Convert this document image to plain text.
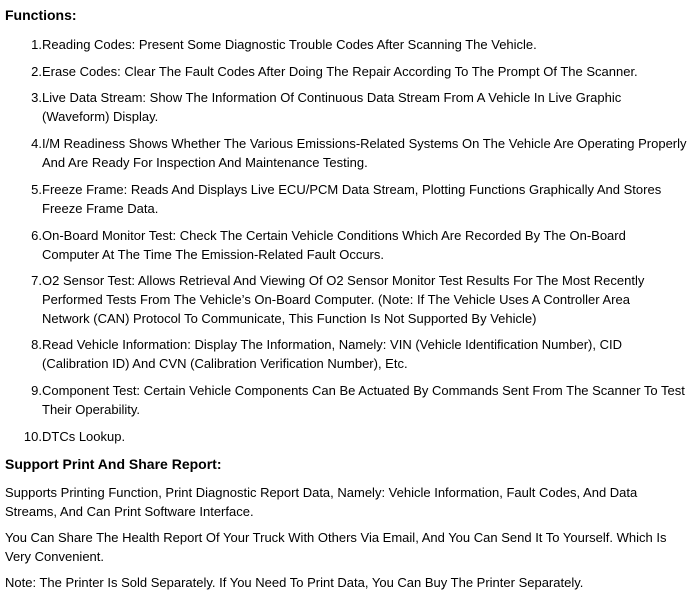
Functions:
1. Reading Codes: Present Some Diagnostic Trouble Codes After Scanning The Vehicle.
2. Erase Codes: Clear The Fault Codes After Doing The Repair According To The Prompt Of The Scanner.
3. Live Data Stream: Show The Information Of Continuous Data Stream From A Vehicle In Live Graphic
(Waveform) Display.
4. I/M Readiness Shows Whether The Various Emissions-Related Systems On The Vehicle Are Operating Properly
And Are Ready For Inspection And Maintenance Testing.
5. Freeze Frame: Reads And Displays Live ECU/PCM Data Stream, Plotting Functions Graphically And Stores
Freeze Frame Data.
6. On-Board Monitor Test: Check The Certain Vehicle Conditions Which Are Recorded By The On-Board
Computer At The Time The Emission-Related Fault Occurs.
7. O2 Sensor Test: Allows Retrieval And Viewing Of O2 Sensor Monitor Test Results For The Most Recently
Performed Tests From The Vehicle’s On-Board Computer. (Note: If The Vehicle Uses A Controller Area
Network (CAN) Protocol To Communicate, This Function Is Not Supported By Vehicle)
8. Read Vehicle Information: Display The Information, Namely: VIN (Vehicle Identification Number), CID
(Calibration ID) And CVN (Calibration Verification Number), Etc.
9. Component Test: Certain Vehicle Components Can Be Actuated By Commands Sent From The Scanner To Test
Their Operability.
10. DTCs Lookup.
Support Print And Share Report:
Supports Printing Function, Print Diagnostic Report Data, Namely: Vehicle Information, Fault Codes, And Data
Streams, And Can Print Software Interface.
You Can Share The Health Report Of Your Truck With Others Via Email, And You Can Send It To Yourself. Which Is
Very Convenient.
Note: The Printer Is Sold Separately. If You Need To Print Data, You Can Buy The Printer Separately.
